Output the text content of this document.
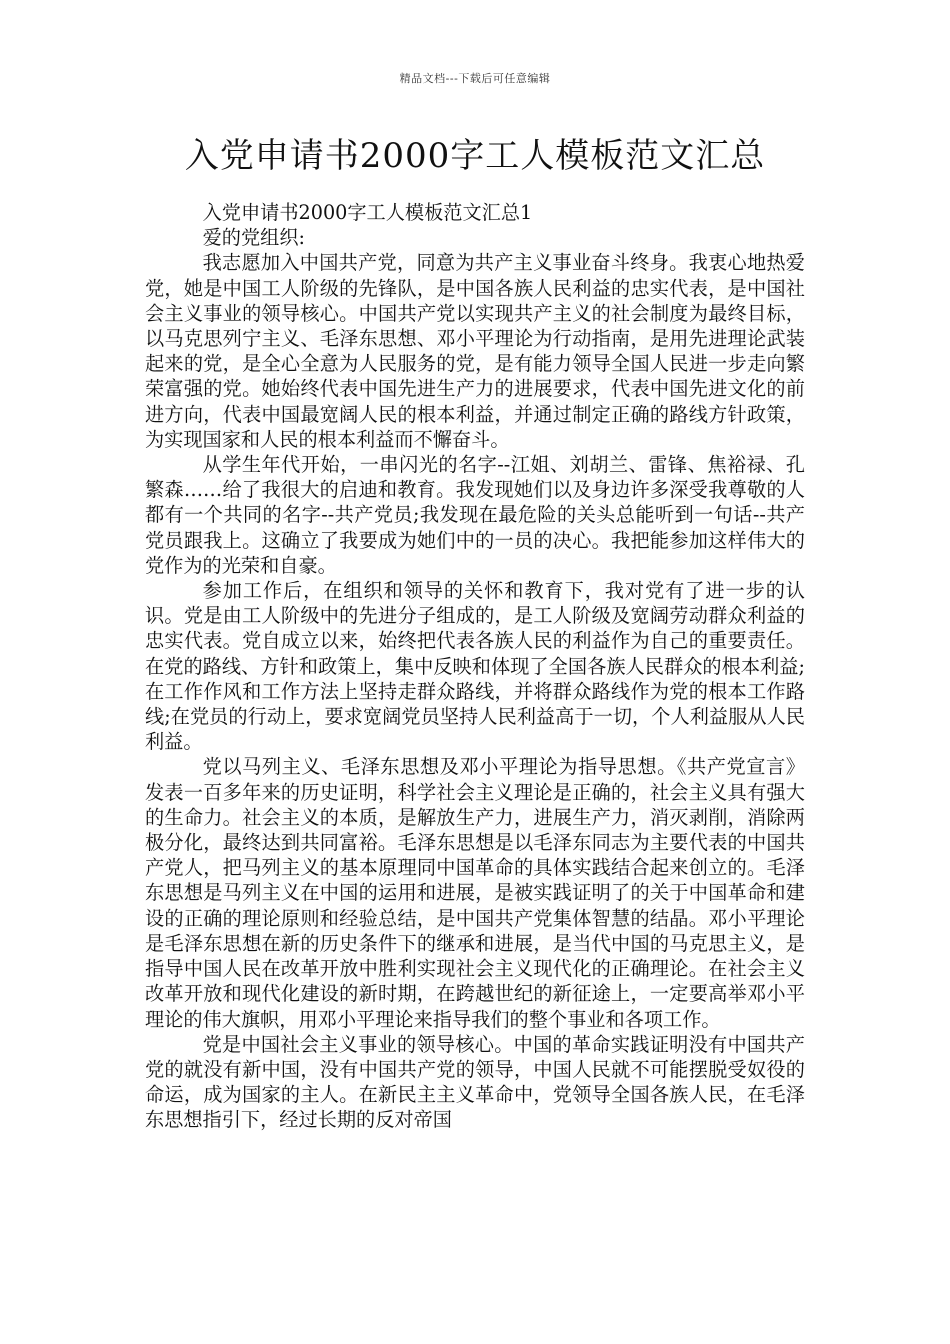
精品文档---下载后可任意编辑
入党申请书2000字工人模板范文汇总

入党申请书2000字工人模板范文汇总1

爱的党组织:

我志愿加入中国共产党，同意为共产主义事业奋斗终身。我衷心地热爱党，她是中国工人阶级的先锋队，是中国各族人民利益的忠实代表，是中国社会主义事业的领导核心。中国共产党以实现共产主义的社会制度为最终目标，以马克思列宁主义、毛泽东思想、邓小平理论为行动指南，是用先进理论武装起来的党，是全心全意为人民服务的党，是有能力领导全国人民进一步走向繁荣富强的党。她始终代表中国先进生产力的进展要求，代表中国先进文化的前进方向，代表中国最宽阔人民的根本利益，并通过制定正确的路线方针政策，为实现国家和人民的根本利益而不懈奋斗。

从学生年代开始，一串闪光的名字--江姐、刘胡兰、雷锋、焦裕禄、孔繁森……给了我很大的启迪和教育。我发现她们以及身边许多深受我尊敬的人都有一个共同的名字--共产党员;我发现在最危险的关头总能听到一句话--共产党员跟我上。这确立了我要成为她们中的一员的决心。我把能参加这样伟大的党作为的光荣和自豪。

参加工作后，在组织和领导的关怀和教育下，我对党有了进一步的认识。党是由工人阶级中的先进分子组成的，是工人阶级及宽阔劳动群众利益的忠实代表。党自成立以来，始终把代表各族人民的利益作为自己的重要责任。在党的路线、方针和政策上，集中反映和体现了全国各族人民群众的根本利益;在工作作风和工作方法上坚持走群众路线，并将群众路线作为党的根本工作路线;在党员的行动上，要求宽阔党员坚持人民利益高于一切，个人利益服从人民利益。

党以马列主义、毛泽东思想及邓小平理论为指导思想。《共产党宣言》发表一百多年来的历史证明，科学社会主义理论是正确的，社会主义具有强大的生命力。社会主义的本质，是解放生产力，进展生产力，消灭剥削，消除两极分化，最终达到共同富裕。毛泽东思想是以毛泽东同志为主要代表的中国共产党人，把马列主义的基本原理同中国革命的具体实践结合起来创立的。毛泽东思想是马列主义在中国的运用和进展，是被实践证明了的关于中国革命和建设的正确的理论原则和经验总结，是中国共产党集体智慧的结晶。邓小平理论是毛泽东思想在新的历史条件下的继承和进展，是当代中国的马克思主义，是指导中国人民在改革开放中胜利实现社会主义现代化的正确理论。在社会主义改革开放和现代化建设的新时期，在跨越世纪的新征途上，一定要高举邓小平理论的伟大旗帜，用邓小平理论来指导我们的整个事业和各项工作。

党是中国社会主义事业的领导核心。中国的革命实践证明没有中国共产党的就没有新中国，没有中国共产党的领导，中国人民就不可能摆脱受奴役的命运，成为国家的主人。在新民主主义革命中，党领导全国各族人民，在毛泽东思想指引下，经过长期的反对帝国
